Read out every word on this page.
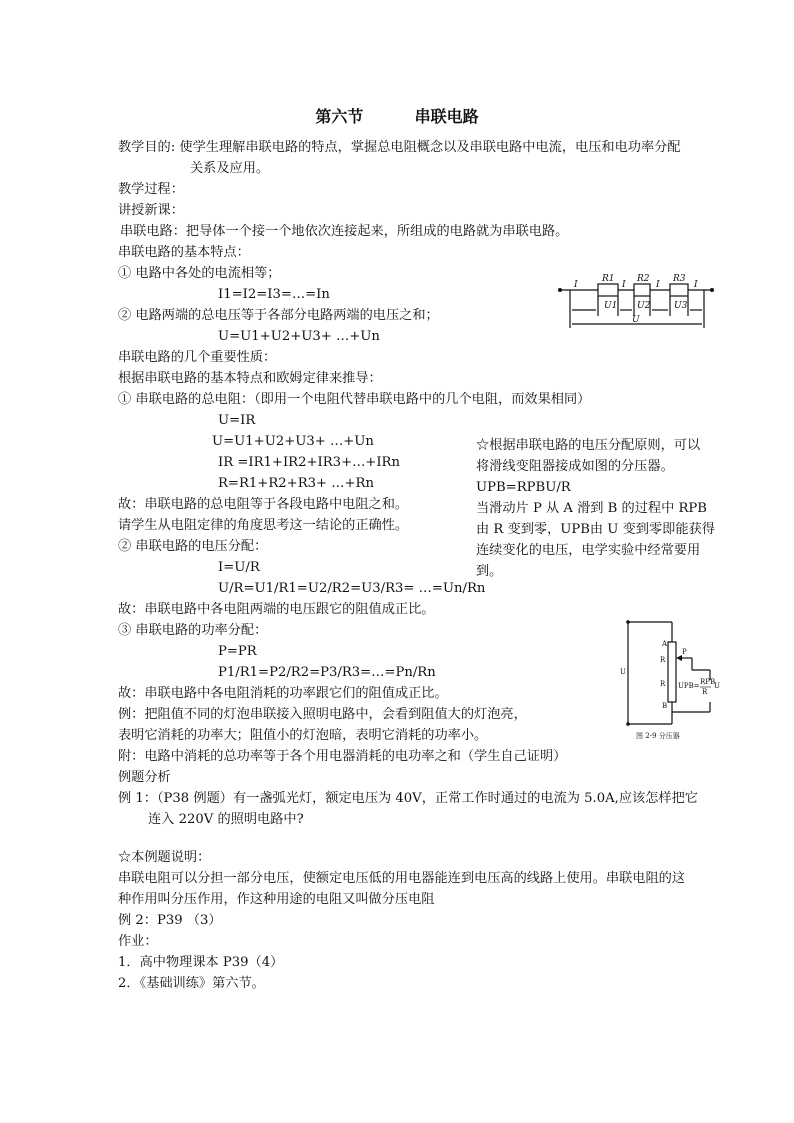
第六节	串联电路
教学目的: 使学生理解串联电路的特点，掌握总电阻概念以及串联电路中电流，电压和电功率分配
关系及应用。
教学过程：
讲授新课：
串联电路：把导体一个接一个地依次连接起来，所组成的电路就为串联电路。
串联电路的基本特点：
① 电路中各处的电流相等；
I1=I2=I3=…=In
② 电路两端的总电压等于各部分电路两端的电压之和；
U=U1+U2+U3+ …+Un
串联电路的几个重要性质：
根据串联电路的基本特点和欧姆定律来推导：
① 串联电路的总电阻：（即用一个电阻代替串联电路中的几个电阻，而效果相同）
U=IR
U=U1+U2+U3+ …+Un
IR =IR1+IR2+IR3+…+IRn
R=R1+R2+R3+ …+Rn
故：串联电路的总电阻等于各段电路中电阻之和。
请学生从电阻定律的角度思考这一结论的正确性。
② 串联电路的电压分配：
I=U/R
U/R=U1/R1=U2/R2=U3/R3= …=Un/Rn
故：串联电路中各电阻两端的电压跟它的阻值成正比。
③ 串联电路的功率分配：
P=PR
P1/R1=P2/R2=P3/R3=…=Pn/Rn
故：串联电路中各电阻消耗的功率跟它们的阻值成正比。
例：把阻值不同的灯泡串联接入照明电路中，会看到阻值大的灯泡亮，
表明它消耗的功率大；阻值小的灯泡暗，表明它消耗的功率小。
附：电路中消耗的总功率等于各个用电器消耗的电功率之和（学生自己证明）
例题分析
例 1：（P38 例题）有一盏弧光灯，额定电压为 40V，正常工作时通过的电流为 5.0A,应该怎样把它
连入 220V 的照明电路中?
☆本例题说明：
串联电阻可以分担一部分电压，使额定电压低的用电器能连到电压高的线路上使用。串联电阻的这
种作用叫分压作用，作这种用途的电阻又叫做分压电阻
例 2：P39 （3）
作业：
1．高中物理课本 P39（4）
2．《基础训练》第六节。
☆根据串联电路的电压分配原则，可以
将滑线变阻器接成如图的分压器。
UPB=RPBU/R
当滑动片 P 从 A 滑到 B 的过程中 RPB
由 R 变到零，UPB由 U 变到零即能获得
连续变化的电压，电学实验中经常要用
到。
I
R1
I
R2
I
R3
I
U1 U2	U3
U
A
P
R
U
R
B
UPB= RPB
R
U
图 2-9 分压器
